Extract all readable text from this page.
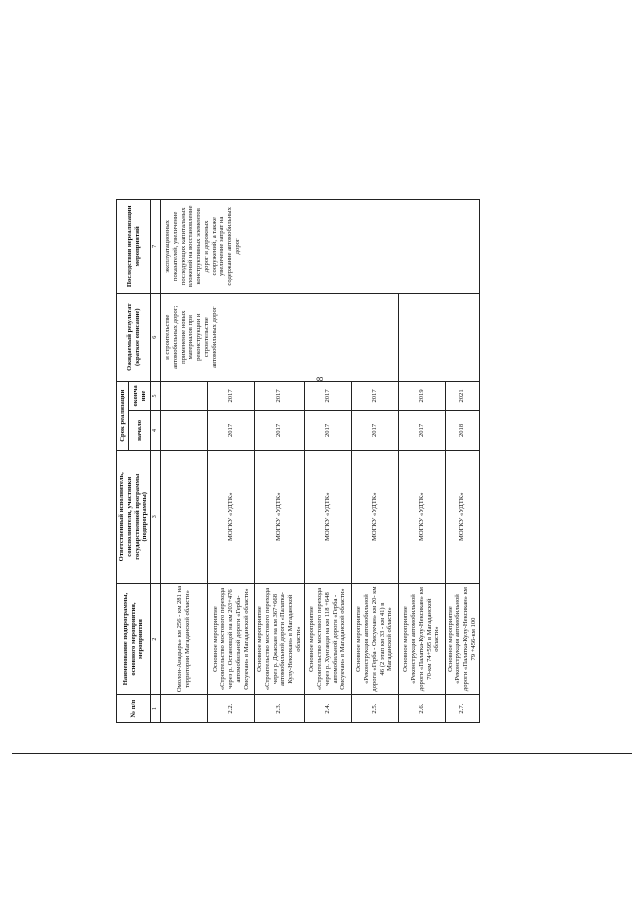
8
№ п/п	Наименование подпрограммы, основного мероприятия, мероприятия	Ответственный исполнитель, соисполнители, участники государственной программы (подпрограммы)	Срок реализации		Ожидаемый результат (краткое описание)	Последствия нереализации мероприятий
			начало	оконча ние		
1	2	3	4	5	6	7
	Омолон-Анадырь» км 256 - км 281 на территории Магаданской области»				и строительстве автомобильных дорог; применение новых материалов при реконструкции и строительстве автомобильных дорог	эксплуатационных показателей, увеличение последующих капитальных вложений на восстановление конструктивных элементов дорог и дорожных сооружений, а также увеличение затрат на содержание автомобильных дорог
2.2.	Основное мероприятие «Строительство мостового перехода через р. Остановцой на км 203+476 автомобильной дороги «Герба-Омсукчан» в Магаданской области»	МОГКУ «УДТК»	2017	2017		
2.3.	Основное мероприятие «Строительство мостового перехода через р. Джаскан на км 367+668 автомобильной дороги «Палатка-Кулу-Нексикан» в Магаданской области»	МОГКУ «УДТК»	2017	2017		
2.4.	Основное мероприятие «Строительство мостового перехода через р. Хунгандя на км 118 +648 автомобильной дороги «Герба - Омсукчан» в Магаданской области»	МОГКУ «УДТК»	2017	2017		
2.5.	Основное мероприятие «Реконструкция автомобильной дороги «Герба - Омсукчан» км 20- км 46 (2 этап км 33 - км 41) в Магаданской области»	МОГКУ «УДТК»	2017	2017		
2.6.	Основное мероприятие «Реконструкция автомобильной дороги «Палатка-Кулу-Нексикан» км 70-км 74+595 в Магаданской области»	МОГКУ «УДТК»	2017	2019		
2.7.	Основное мероприятие «Реконструкция автомобильной дороги «Палатка-Кулу-Нексикан» км 79 +456-км 100	МОГКУ «УДТК»	2018	2021		
